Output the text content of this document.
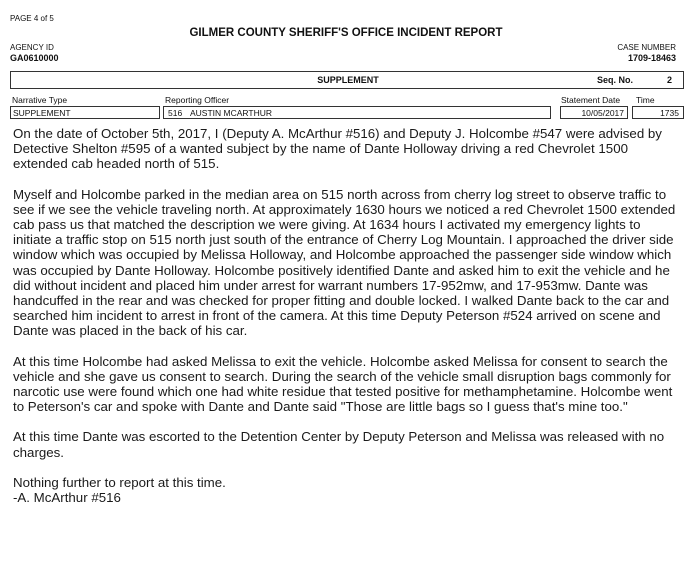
PAGE 4 of 5
GILMER COUNTY SHERIFF'S OFFICE INCIDENT REPORT
AGENCY ID
GA0610000
CASE NUMBER
1709-18463
SUPPLEMENT	Seq. No.	2
Narrative Type
SUPPLEMENT
Reporting Officer
516 AUSTIN MCARTHUR
Statement Date
10/05/2017
Time
1735

On the date of October 5th, 2017, I (Deputy A. McArthur #516) and Deputy J. Holcombe #547 were advised by Detective Shelton #595 of a wanted subject by the name of Dante Holloway driving a red Chevrolet 1500 extended cab headed north of 515.

Myself and Holcombe parked in the median area on 515 north across from cherry log street to observe traffic to see if we see the vehicle traveling north. At approximately 1630 hours we noticed a red Chevrolet 1500 extended cab pass us that matched the description we were giving. At 1634 hours I activated my emergency lights to initiate a traffic stop on 515 north just south of the entrance of Cherry Log Mountain. I approached the driver side window which was occupied by Melissa Holloway, and Holcombe approached the passenger side window which was occupied by Dante Holloway. Holcombe positively identified Dante and asked him to exit the vehicle and he did without incident and placed him under arrest for warrant numbers 17-952mw, and 17-953mw. Dante was handcuffed in the rear and was checked for proper fitting and double locked. I walked Dante back to the car and searched him incident to arrest in front of the camera. At this time Deputy Peterson #524 arrived on scene and Dante was placed in the back of his car.

At this time Holcombe had asked Melissa to exit the vehicle. Holcombe asked Melissa for consent to search the vehicle and she gave us consent to search. During the search of the vehicle small disruption bags commonly for narcotic use were found which one had white residue that tested positive for methamphetamine. Holcombe went to Peterson's car and spoke with Dante and Dante said "Those are little bags so I guess that's mine too."

At this time Dante was escorted to the Detention Center by Deputy Peterson and Melissa was released with no charges.

Nothing further to report at this time.

-A. McArthur #516
